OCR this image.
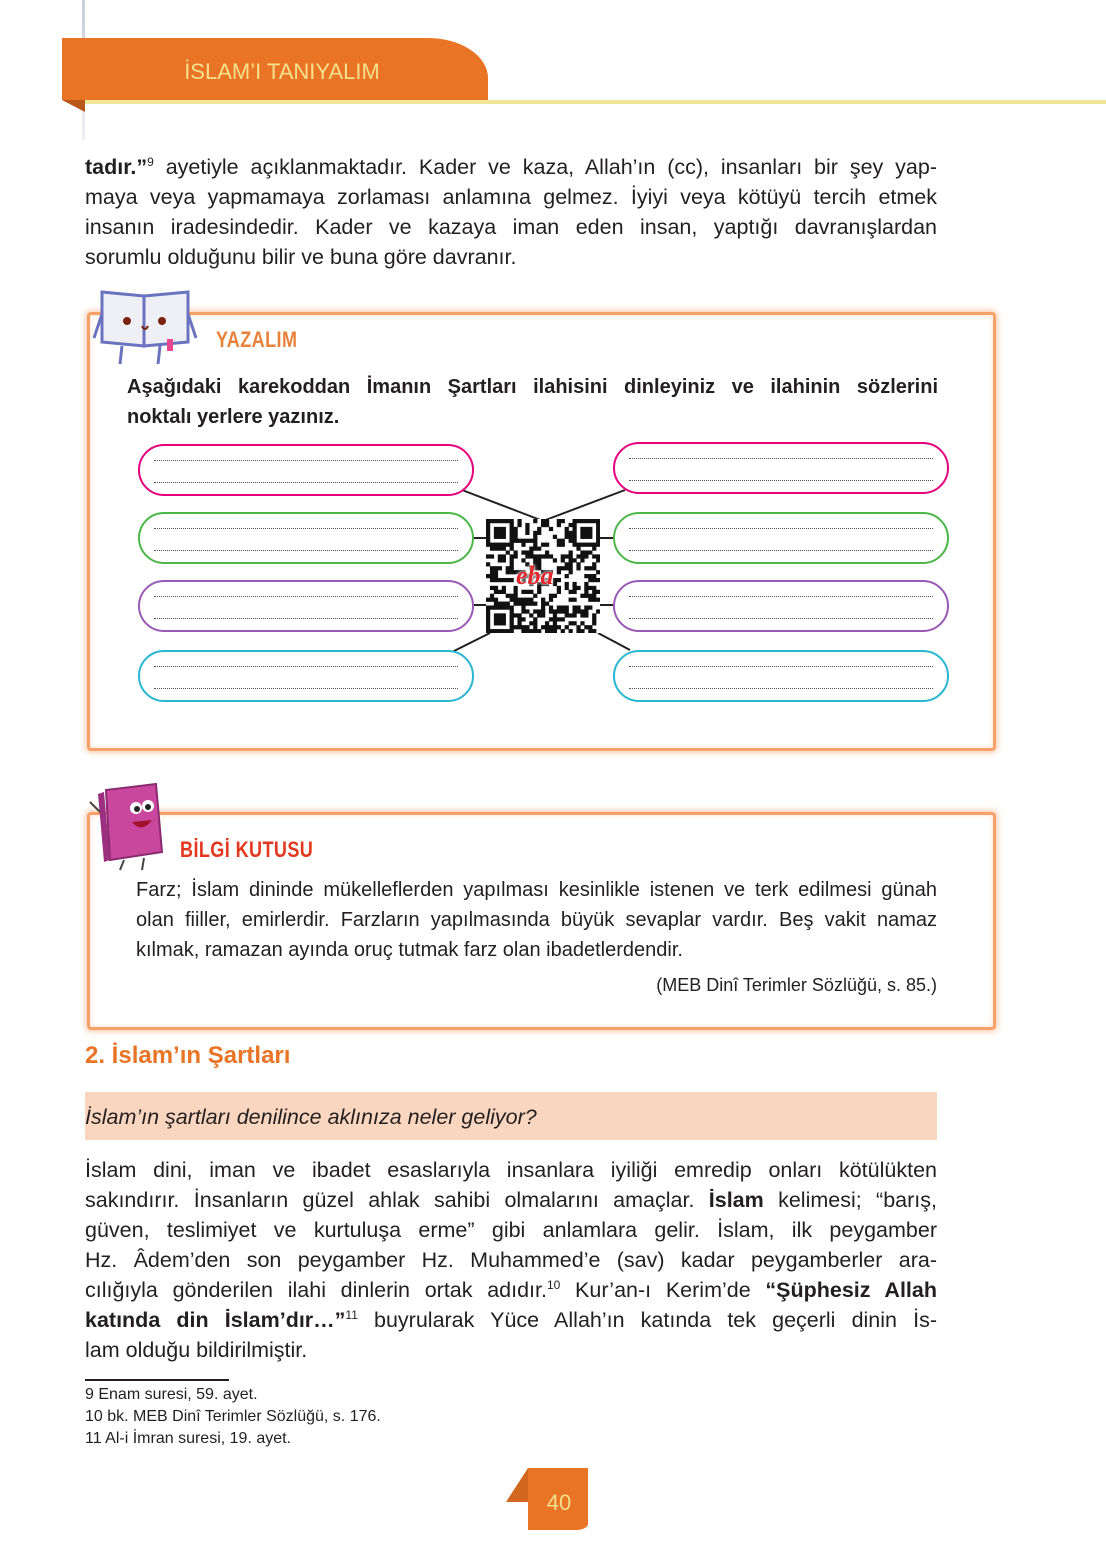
İSLAM’I TANIYALIM
tadır.”$^9$ ayetiyle açıklanmaktadır. Kader ve kaza, Allah’ın (cc), insanları bir şey yap-
maya veya yapmamaya zorlaması anlamına gelmez. İyiyi veya kötüyü tercih etmek
insanın iradesindedir. Kader ve kazaya iman eden insan, yaptığı davranışlardan
sorumlu olduğunu bilir ve buna göre davranır.
YAZALIM
Aşağıdaki karekoddan İmanın Şartları ilahisini dinleyiniz ve ilahinin sözlerini
noktalı yerlere yazınız.
eba
BİLGİ KUTUSU
Farz; İslam dininde mükelleflerden yapılması kesinlikle istenen ve terk edilmesi günah
olan fiiller, emirlerdir. Farzların yapılmasında büyük sevaplar vardır. Beş vakit namaz
kılmak, ramazan ayında oruç tutmak farz olan ibadetlerdendir.
(MEB Dinî Terimler Sözlüğü, s. 85.)
2. İslam’ın Şartları
İslam’ın şartları denilince aklınıza neler geliyor?
İslam dini, iman ve ibadet esaslarıyla insanlara iyiliği emredip onları kötülükten
sakındırır. İnsanların güzel ahlak sahibi olmalarını amaçlar. İslam kelimesi; “barış,
güven, teslimiyet ve kurtuluşa erme” gibi anlamlara gelir. İslam, ilk peygamber
Hz. Âdem’den son peygamber Hz. Muhammed’e (sav) kadar peygamberler ara-
cılığıyla gönderilen ilahi dinlerin ortak adıdır.$^{10}$ Kur’an-ı Kerim’de “Şüphesiz Allah
katında din İslam’dır…”$^{11}$ buyrularak Yüce Allah’ın katında tek geçerli dinin İs-
lam olduğu bildirilmiştir.
9 Enam suresi, 59. ayet.
10 bk. MEB Dinî Terimler Sözlüğü, s. 176.
11 Al-i İmran suresi, 19. ayet.
40
